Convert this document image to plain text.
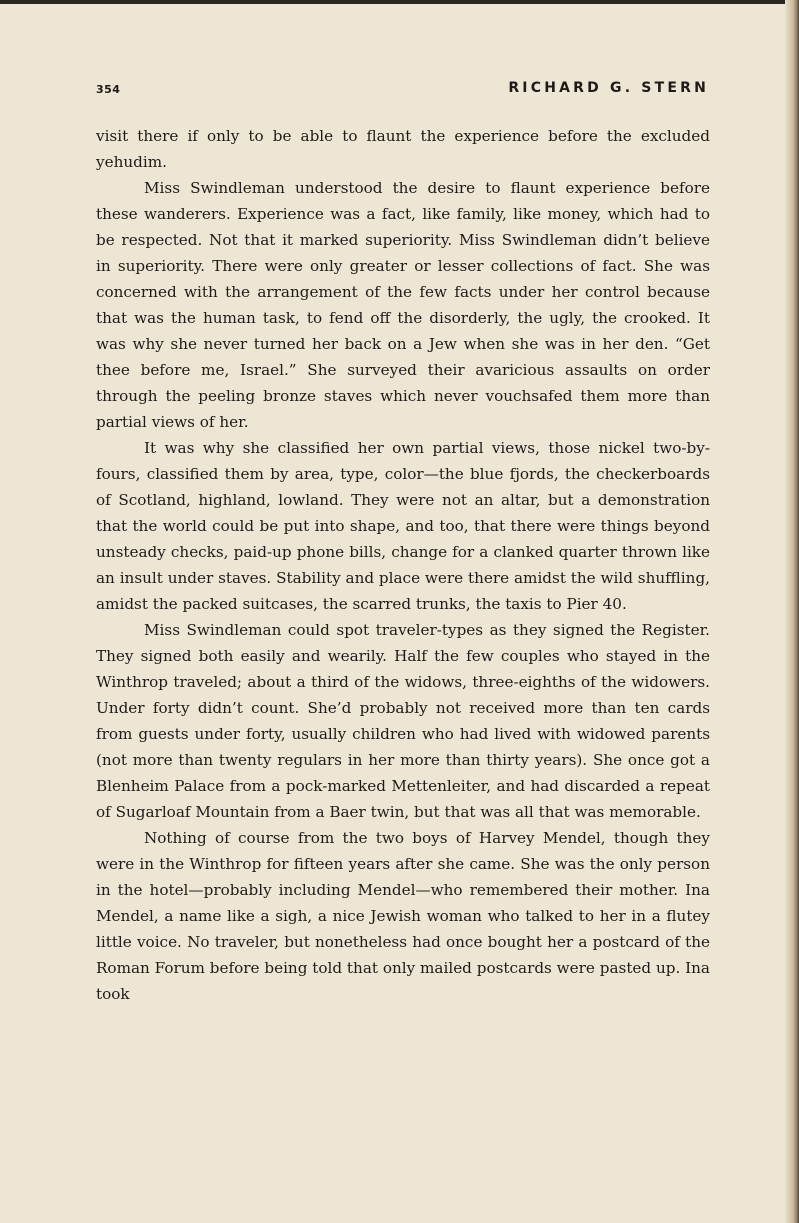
354	RICHARD G. STERN

visit there if only to be able to flaunt the experience before the excluded yehudim.

Miss Swindleman understood the desire to flaunt experience before these wanderers. Experience was a fact, like family, like money, which had to be respected. Not that it marked superiority. Miss Swindleman didn’t believe in superiority. There were only greater or lesser collections of fact. She was concerned with the arrangement of the few facts under her control because that was the human task, to fend off the disorderly, the ugly, the crooked. It was why she never turned her back on a Jew when she was in her den. “Get thee before me, Israel.” She surveyed their avaricious assaults on order through the peeling bronze staves which never vouchsafed them more than partial views of her.

It was why she classified her own partial views, those nickel two-by-fours, classified them by area, type, color—the blue fjords, the checkerboards of Scotland, highland, lowland. They were not an altar, but a demonstration that the world could be put into shape, and too, that there were things beyond unsteady checks, paid-up phone bills, change for a clanked quarter thrown like an insult under staves. Stability and place were there amidst the wild shuffling, amidst the packed suitcases, the scarred trunks, the taxis to Pier 40.

Miss Swindleman could spot traveler-types as they signed the Register. They signed both easily and wearily. Half the few couples who stayed in the Winthrop traveled; about a third of the widows, three-eighths of the widowers. Under forty didn’t count. She’d probably not received more than ten cards from guests under forty, usually children who had lived with widowed parents (not more than twenty regulars in her more than thirty years). She once got a Blenheim Palace from a pock-marked Mettenleiter, and had discarded a repeat of Sugarloaf Mountain from a Baer twin, but that was all that was memorable.

Nothing of course from the two boys of Harvey Mendel, though they were in the Winthrop for fifteen years after she came. She was the only person in the hotel—probably including Mendel—who remembered their mother. Ina Mendel, a name like a sigh, a nice Jewish woman who talked to her in a flutey little voice. No traveler, but nonetheless had once bought her a postcard of the Roman Forum before being told that only mailed postcards were pasted up. Ina took
